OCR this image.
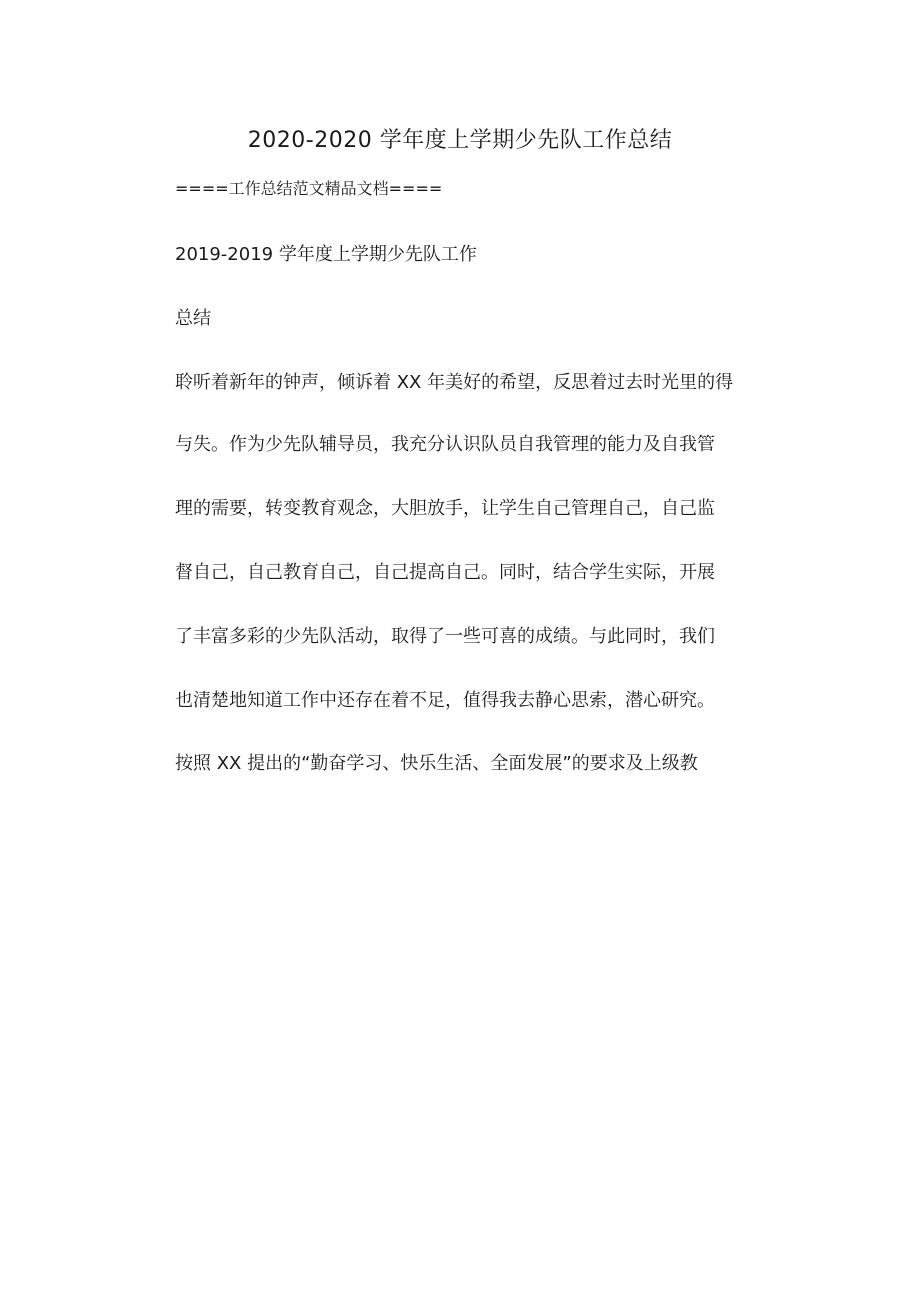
2020-2020 学年度上学期少先队工作总结
====工作总结范文精品文档====
2019-2019 学年度上学期少先队工作
总结
聆听着新年的钟声，倾诉着 XX 年美好的希望，反思着过去时光里的得
与失。作为少先队辅导员，我充分认识队员自我管理的能力及自我管
理的需要，转变教育观念，大胆放手，让学生自己管理自己，自己监
督自己，自己教育自己，自己提高自己。同时，结合学生实际，开展
了丰富多彩的少先队活动，取得了一些可喜的成绩。与此同时，我们
也清楚地知道工作中还存在着不足，值得我去静心思索，潜心研究。
按照 XX 提出的“勤奋学习、快乐生活、全面发展”的要求及上级教
